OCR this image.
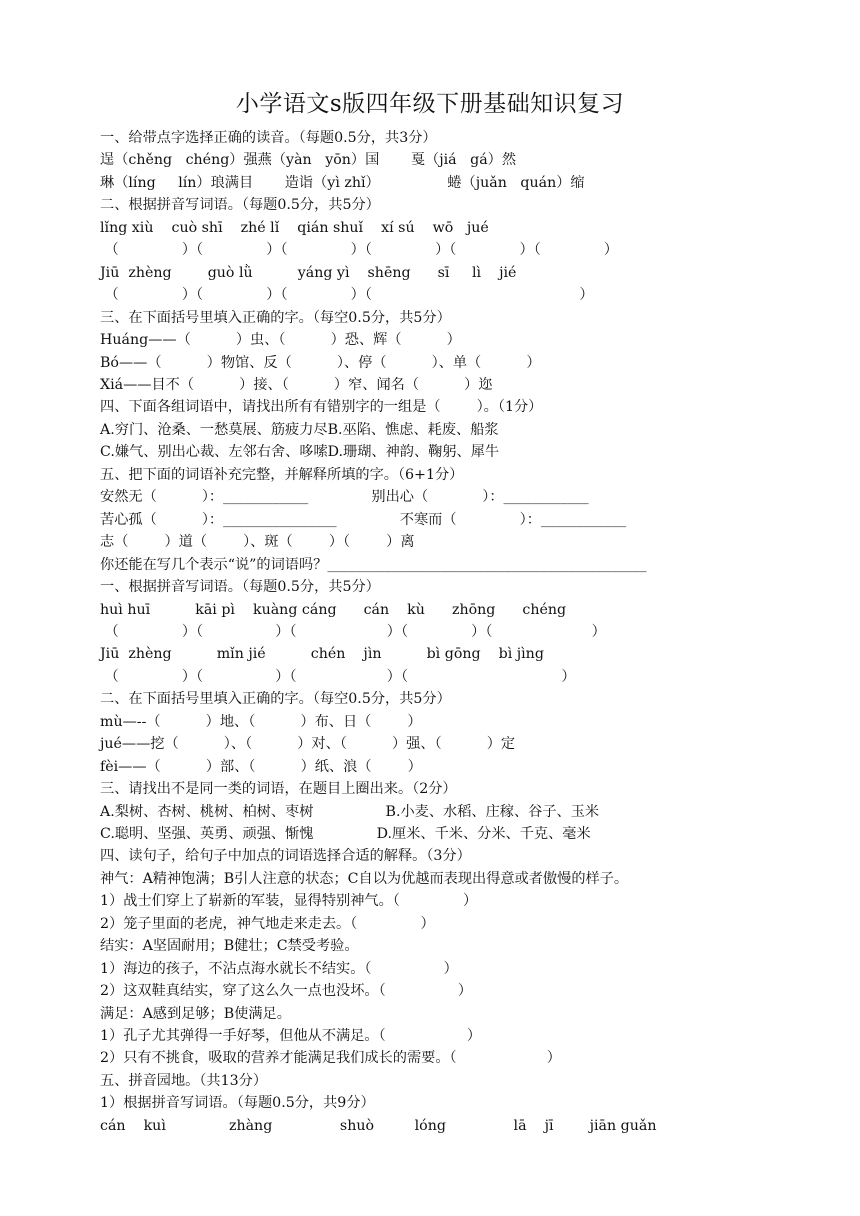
小学语文s版四年级下册基础知识复习
一、给带点字选择正确的读音。（每题0.5分，共3分）
逞（chěng   chéng）强燕（yàn   yōn）国       戛（jiá   gá）然
琳（líng     lín）琅满目       造诣（yì zhǐ）               蜷（juǎn   quán）缩
二、根据拼音写词语。（每题0.5分，共5分）
lǐng xiù    cuò shī    zhé lǐ    qián shuǐ    xí sú    wō   jué
（              ）（              ）（              ）（              ）（              ）（              ）
Jiū  zhèng        guò lǜ          yáng yì    shēng      sī     lì    jié
（              ）（              ）（              ）（                                              ）
三、在下面括号里填入正确的字。（每空0.5分，共5分）
Huáng——（          ）虫、（          ）恐、辉（          ）
Bó——（          ）物馆、反（          ）、停（          ）、单（          ）
Xiá——目不（          ）接、（          ）窄、闻名（          ）迩
四、下面各组词语中，请找出所有有错别字的一组是（        ）。（1分）
A.穷门、沧桑、一愁莫展、筋疲力尽B.巫陷、憔虑、耗废、船浆
C.嫌气、别出心裁、左邻右舍、哆嗦D.珊瑚、神韵、鞠躬、犀牛
五、把下面的词语补充完整，并解释所填的字。（6+1分）
安然无（          ）：____________              别出心（            ）：____________
苦心孤（          ）：________________              不寒而（              ）：____________
志（        ）道（        ）、斑（        ）（        ）离
你还能在写几个表示“说”的词语吗？_____________________________________________
一、根据拼音写词语。（每题0.5分，共5分）
huì huī          kāi pì    kuàng cáng      cán    kù      zhōng      chéng
（              ）（                ）（                    ）（              ）（                      ）
Jiū  zhèng          mǐn jié          chén    jìn          bì gōng    bì jìng
（              ）（                ）（                    ）（                                  ）
二、在下面括号里填入正确的字。（每空0.5分，共5分）
mù—--（          ）地、（          ）布、日（        ）
jué——挖（          ）、（          ）对、（          ）强、（          ）定
fèi——（          ）部、（          ）纸、浪（        ）
三、请找出不是同一类的词语，在题目上圈出来。（2分）
A.梨树、杏树、桃树、柏树、枣树                B.小麦、水稻、庄稼、谷子、玉米
C.聪明、坚强、英勇、顽强、惭愧              D.厘米、千米、分米、千克、毫米
四、读句子，给句子中加点的词语选择合适的解释。（3分）
神气：A精神饱满；B引人注意的状态；C自以为优越而表现出得意或者傲慢的样子。
1）战士们穿上了崭新的军装，显得特别神气。（              ）
2）笼子里面的老虎，神气地走来走去。（              ）
结实：A坚固耐用；B健壮；C禁受考验。
1）海边的孩子，不沾点海水就长不结实。（                ）
2）这双鞋真结实，穿了这么久一点也没坏。（                ）
满足：A感到足够；B使满足。
1）孔子尤其弹得一手好琴，但他从不满足。（                  ）
2）只有不挑食，吸取的营养才能满足我们成长的需要。（                    ）
五、拼音园地。（共13分）
1）根据拼音写词语。（每题0.5分，共9分）
cán    kuì              zhàng               shuò         lóng               lā    jī        jiān guǎn
